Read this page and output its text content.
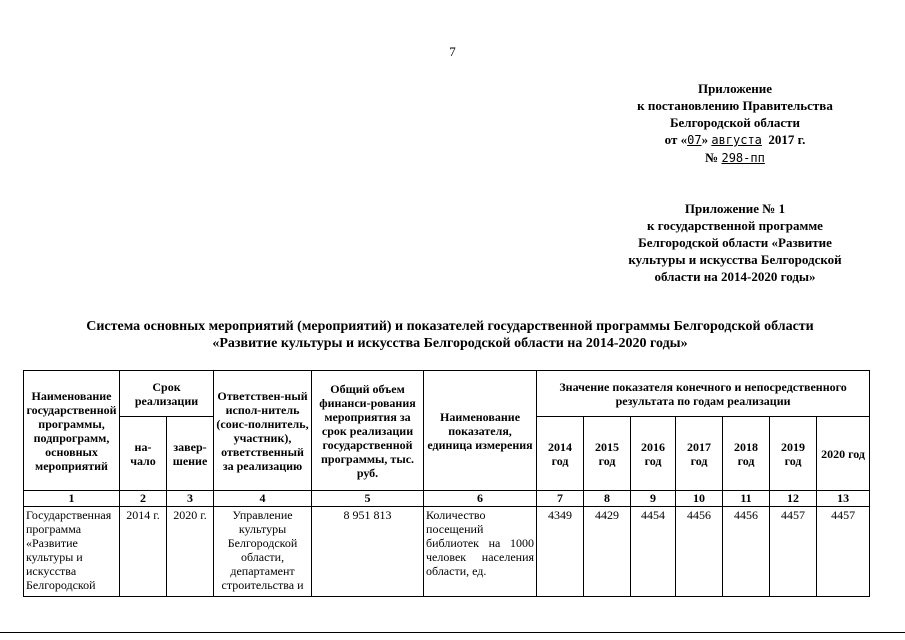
7
Приложение
к постановлению Правительства
Белгородской области
от «07» августа 2017 г.
№ 298-пп
Приложение № 1
к государственной программе
Белгородской области «Развитие
культуры и искусства Белгородской
области на 2014-2020 годы»
Система основных мероприятий (мероприятий) и показателей государственной программы Белгородской области
«Развитие культуры и искусства Белгородской области на 2014-2020 годы»
Наименование государственной программы, подпрограмм, основных мероприятий	Срок реализации		Ответствен-ный испол-нитель (соис-полнитель, участник), ответственный за реализацию	Общий объем финанси-рования мероприятия за срок реализации государственной программы, тыс. руб.	Наименование показателя, единица измерения	Значение показателя конечного и непосредственного результата по годам реализации						
	на-чало	завер-шение				2014 год	2015 год	2016 год	2017 год	2018 год	2019 год	2020 год
1	2	3	4	5	6	7	8	9	10	11	12	13
Государственная программа «Развитие культуры и искусства Белгородской	2014 г.	2020 г.	Управление культуры Белгородской области, департамент строительства и	8 951 813	Количество посещений библиотек на 1000 человек населения области, ед.	4349	4429	4454	4456	4456	4457	4457
